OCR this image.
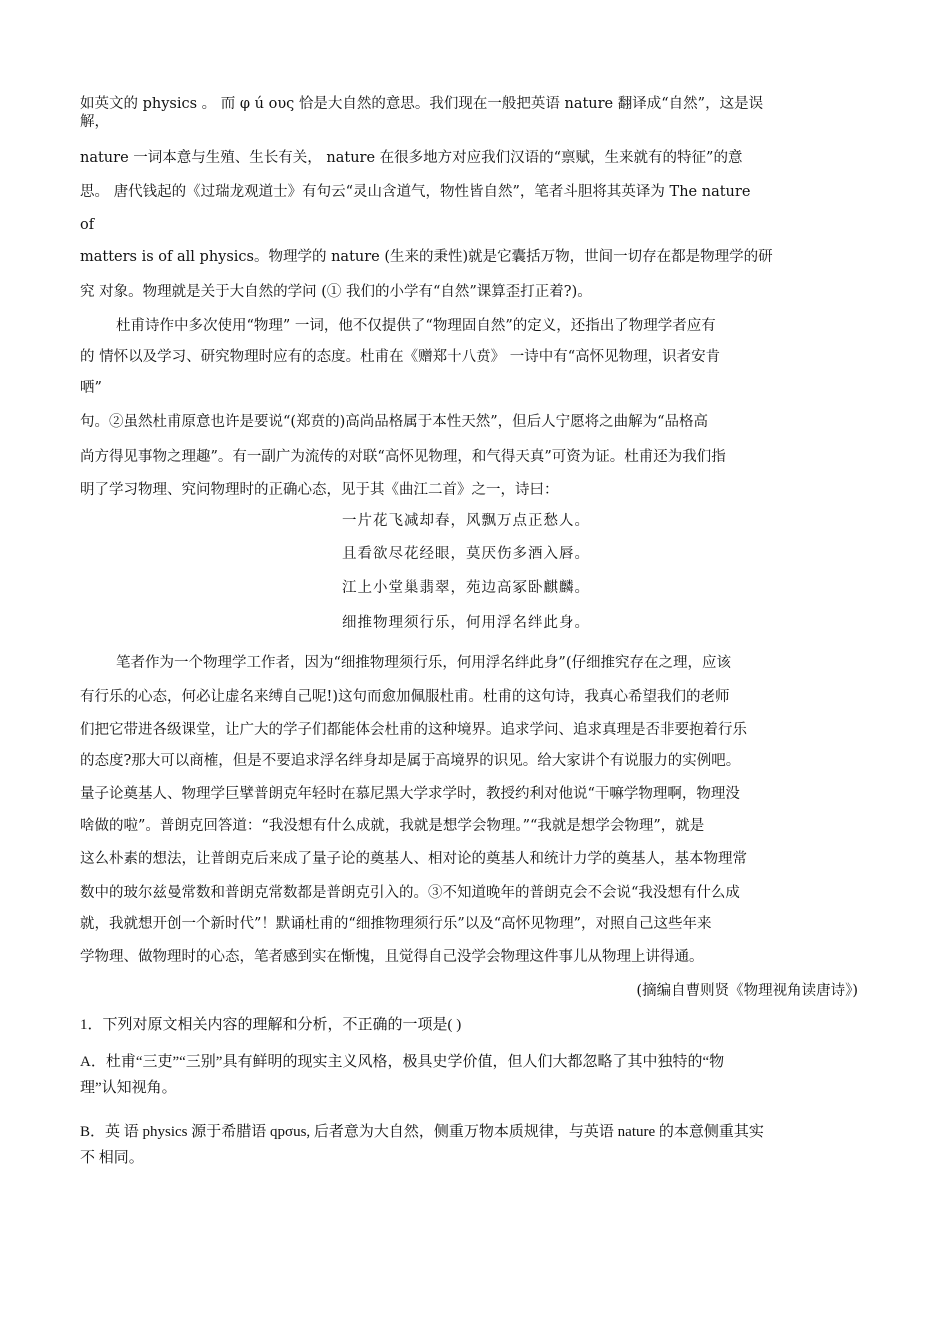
如英文的 physics 。 而 φ ú ους 恰是大自然的意思。我们现在一般把英语 nature 翻译成“自然”，这是误
解，
nature 一词本意与生殖、生长有关， nature 在很多地方对应我们汉语的“禀赋，生来就有的特征”的意
思。 唐代钱起的《过瑞龙观道士》有句云“灵山含道气，物性皆自然”，笔者斗胆将其英译为 The nature
of
matters is of all physics。物理学的 nature (生来的秉性)就是它囊括万物，世间一切存在都是物理学的研
究 对象。物理就是关于大自然的学问 (① 我们的小学有“自然”课算歪打正着?)。
杜甫诗作中多次使用“物理” 一词，他不仅提供了“物理固自然”的定义，还指出了物理学者应有
的 情怀以及学习、研究物理时应有的态度。杜甫在《赠郑十八贲》 一诗中有“高怀见物理，识者安肯
哂”
句。②虽然杜甫原意也许是要说“(郑贲的)高尚品格属于本性天然”，但后人宁愿将之曲解为“品格高
尚方得见事物之理趣”。有一副广为流传的对联“高怀见物理，和气得天真”可资为证。杜甫还为我们指
明了学习物理、究问物理时的正确心态，见于其《曲江二首》之一，诗曰：
一片花飞减却春，风飘万点正愁人。
且看欲尽花经眼，莫厌伤多酒入唇。
江上小堂巢翡翠，苑边高冢卧麒麟。
细推物理须行乐，何用浮名绊此身。
笔者作为一个物理学工作者，因为“细推物理须行乐，何用浮名绊此身”(仔细推究存在之理，应该
有行乐的心态，何必让虚名来缚自己呢!)这句而愈加佩服杜甫。杜甫的这句诗，我真心希望我们的老师
们把它带进各级课堂，让广大的学子们都能体会杜甫的这种境界。追求学问、追求真理是否非要抱着行乐
的态度?那大可以商榷，但是不要追求浮名绊身却是属于高境界的识见。给大家讲个有说服力的实例吧。
量子论奠基人、物理学巨擘普朗克年轻时在慕尼黑大学求学时，教授约利对他说“干嘛学物理啊，物理没
啥做的啦”。普朗克回答道：“我没想有什么成就，我就是想学会物理。”“我就是想学会物理”，就是
这么朴素的想法，让普朗克后来成了量子论的奠基人、相对论的奠基人和统计力学的奠基人，基本物理常
数中的玻尔兹曼常数和普朗克常数都是普朗克引入的。③不知道晚年的普朗克会不会说“我没想有什么成
就，我就想开创一个新时代”！默诵杜甫的“细推物理须行乐”以及“高怀见物理”，对照自己这些年来
学物理、做物理时的心态，笔者感到实在惭愧，且觉得自己没学会物理这件事儿从物理上讲得通。
(摘编自曹则贤《物理视角读唐诗》)
1．下列对原文相关内容的理解和分析，不正确的一项是( )
A．杜甫“三吏”“三别”具有鲜明的现实主义风格，极具史学价值，但人们大都忽略了其中独特的“物
理”认知视角。
B．英 语 physics 源于希腊语 qpσus, 后者意为大自然，侧重万物本质规律，与英语 nature 的本意侧重其实
不 相同。
